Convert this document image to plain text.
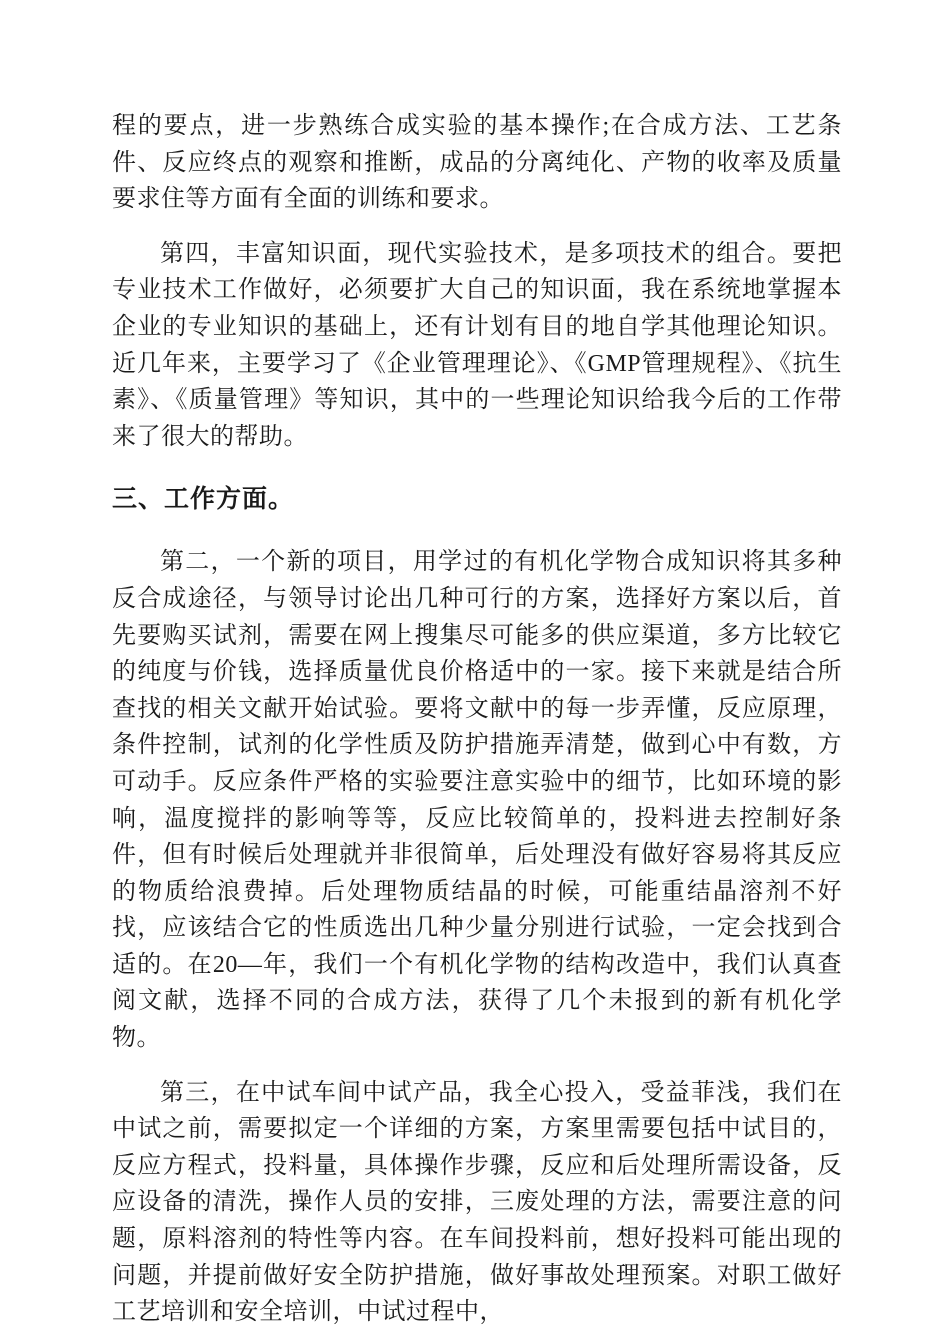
程的要点，进一步熟练合成实验的基本操作;在合成方法、工艺条件、反应终点的观察和推断，成品的分离纯化、产物的收率及质量要求住等方面有全面的训练和要求。

第四，丰富知识面，现代实验技术，是多项技术的组合。要把专业技术工作做好，必须要扩大自己的知识面，我在系统地掌握本企业的专业知识的基础上，还有计划有目的地自学其他理论知识。近几年来，主要学习了《企业管理理论》、《GMP管理规程》、《抗生素》、《质量管理》等知识，其中的一些理论知识给我今后的工作带来了很大的帮助。

三、工作方面。

第二，一个新的项目，用学过的有机化学物合成知识将其多种反合成途径，与领导讨论出几种可行的方案，选择好方案以后，首先要购买试剂，需要在网上搜集尽可能多的供应渠道，多方比较它的纯度与价钱，选择质量优良价格适中的一家。接下来就是结合所查找的相关文献开始试验。要将文献中的每一步弄懂，反应原理，条件控制，试剂的化学性质及防护措施弄清楚，做到心中有数，方可动手。反应条件严格的实验要注意实验中的细节，比如环境的影响，温度搅拌的影响等等，反应比较简单的，投料进去控制好条件，但有时候后处理就并非很简单，后处理没有做好容易将其反应的物质给浪费掉。后处理物质结晶的时候，可能重结晶溶剂不好找，应该结合它的性质选出几种少量分别进行试验，一定会找到合适的。在20—年，我们一个有机化学物的结构改造中，我们认真查阅文献，选择不同的合成方法，获得了几个未报到的新有机化学物。

第三，在中试车间中试产品，我全心投入，受益菲浅，我们在中试之前，需要拟定一个详细的方案，方案里需要包括中试目的，反应方程式，投料量，具体操作步骤，反应和后处理所需设备，反应设备的清洗，操作人员的安排，三废处理的方法，需要注意的问题，原料溶剂的特性等内容。在车间投料前，想好投料可能出现的问题，并提前做好安全防护措施，做好事故处理预案。对职工做好工艺培训和安全培训，中试过程中，
